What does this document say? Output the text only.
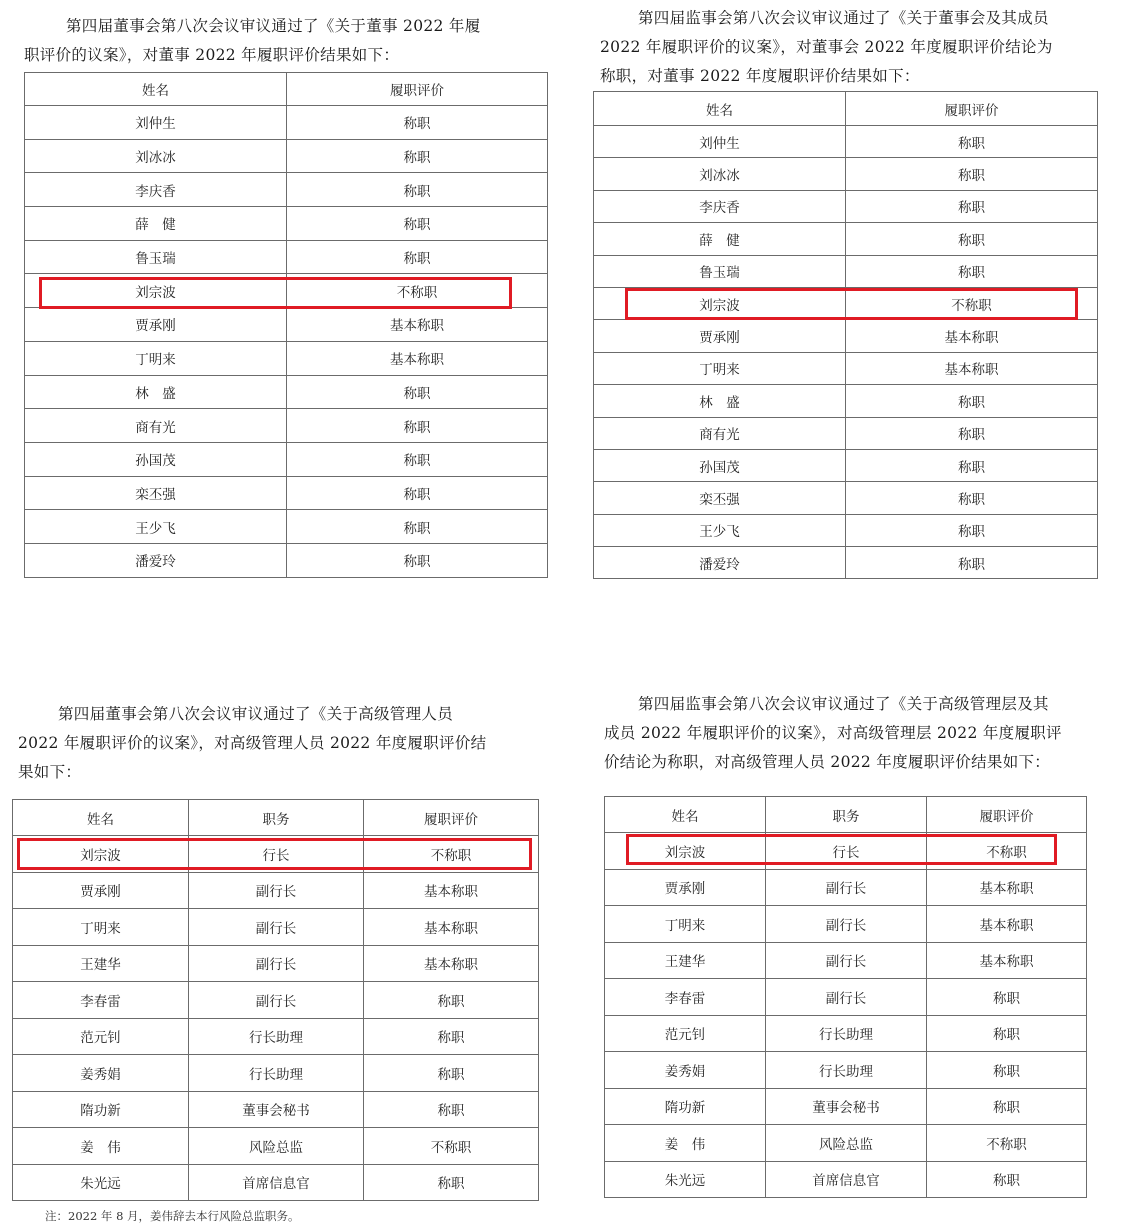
第四届董事会第八次会议审议通过了《关于董事 2022 年履
职评价的议案》，对董事 2022 年履职评价结果如下：
姓名	履职评价
刘仲生	称职
刘冰冰	称职
李庆香	称职
薛　健	称职
鲁玉瑞	称职
刘宗波	不称职
贾承刚	基本称职
丁明来	基本称职
林　盛	称职
商有光	称职
孙国茂	称职
栾丕强	称职
王少飞	称职
潘爱玲	称职
第四届监事会第八次会议审议通过了《关于董事会及其成员
2022 年履职评价的议案》，对董事会 2022 年度履职评价结论为
称职，对董事 2022 年度履职评价结果如下：
姓名	履职评价
刘仲生	称职
刘冰冰	称职
李庆香	称职
薛　健	称职
鲁玉瑞	称职
刘宗波	不称职
贾承刚	基本称职
丁明来	基本称职
林　盛	称职
商有光	称职
孙国茂	称职
栾丕强	称职
王少飞	称职
潘爱玲	称职
第四届董事会第八次会议审议通过了《关于高级管理人员
2022 年履职评价的议案》，对高级管理人员 2022 年度履职评价结
果如下：
姓名	职务	履职评价
刘宗波	行长	不称职
贾承刚	副行长	基本称职
丁明来	副行长	基本称职
王建华	副行长	基本称职
李春雷	副行长	称职
范元钊	行长助理	称职
姜秀娟	行长助理	称职
隋功新	董事会秘书	称职
姜　伟	风险总监	不称职
朱光远	首席信息官	称职
注：2022 年 8 月，姜伟辞去本行风险总监职务。
第四届监事会第八次会议审议通过了《关于高级管理层及其
成员 2022 年履职评价的议案》，对高级管理层 2022 年度履职评
价结论为称职，对高级管理人员 2022 年度履职评价结果如下：
姓名	职务	履职评价
刘宗波	行长	不称职
贾承刚	副行长	基本称职
丁明来	副行长	基本称职
王建华	副行长	基本称职
李春雷	副行长	称职
范元钊	行长助理	称职
姜秀娟	行长助理	称职
隋功新	董事会秘书	称职
姜　伟	风险总监	不称职
朱光远	首席信息官	称职
